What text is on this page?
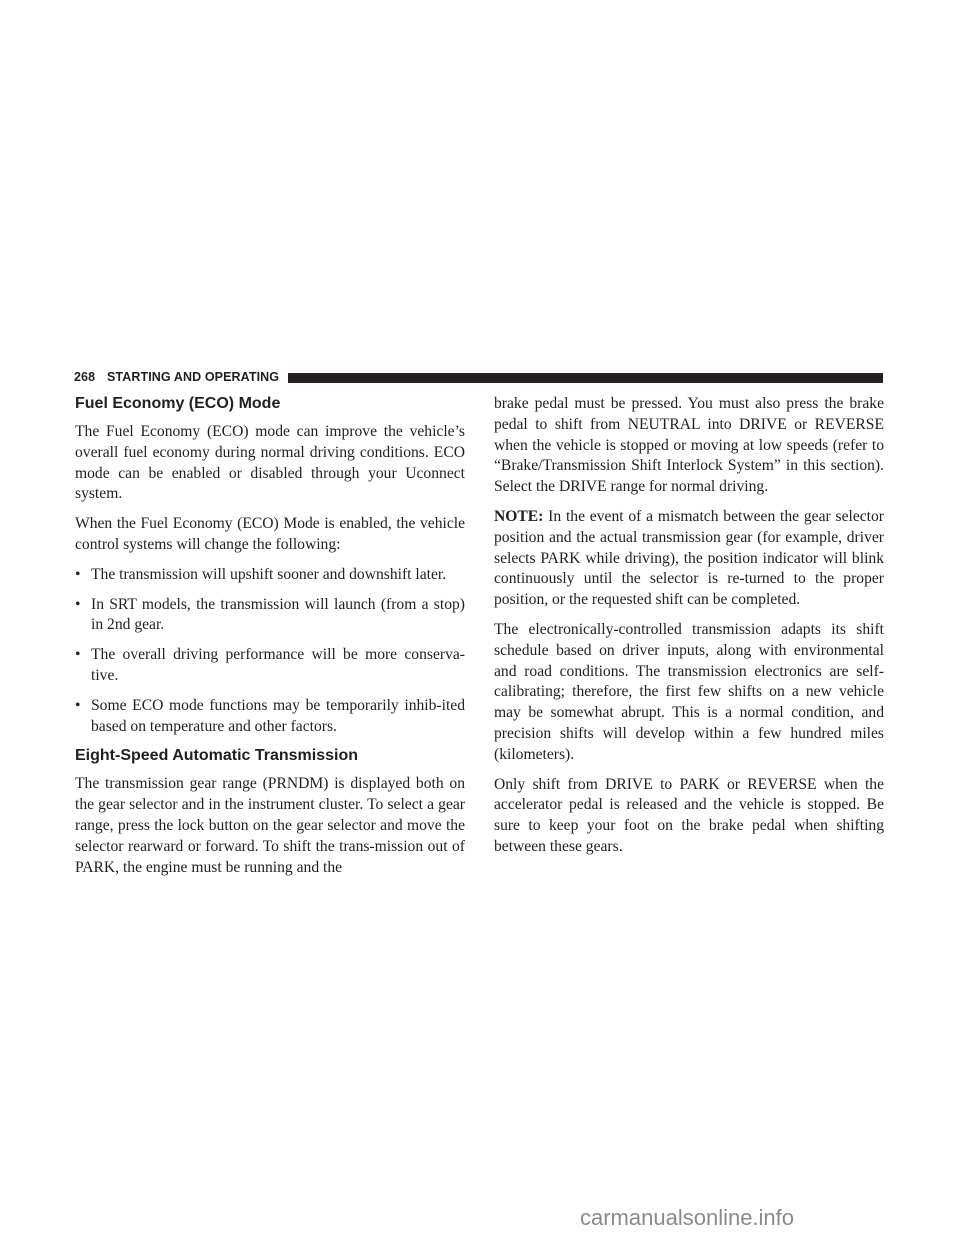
268 STARTING AND OPERATING
Fuel Economy (ECO) Mode

The Fuel Economy (ECO) mode can improve the vehicle’s overall fuel economy during normal driving conditions. ECO mode can be enabled or disabled through your Uconnect system.

When the Fuel Economy (ECO) Mode is enabled, the vehicle control systems will change the following:

• The transmission will upshift sooner and downshift later.
• In SRT models, the transmission will launch (from a stop) in 2nd gear.
• The overall driving performance will be more conserva-tive.
• Some ECO mode functions may be temporarily inhib-ited based on temperature and other factors.
Eight-Speed Automatic Transmission

The transmission gear range (PRNDM) is displayed both on the gear selector and in the instrument cluster. To select a gear range, press the lock button on the gear selector and move the selector rearward or forward. To shift the trans-mission out of PARK, the engine must be running and the

brake pedal must be pressed. You must also press the brake pedal to shift from NEUTRAL into DRIVE or REVERSE when the vehicle is stopped or moving at low speeds (refer to “Brake/Transmission Shift Interlock System” in this section). Select the DRIVE range for normal driving.

NOTE: In the event of a mismatch between the gear selector position and the actual transmission gear (for example, driver selects PARK while driving), the position indicator will blink continuously until the selector is re-turned to the proper position, or the requested shift can be completed.

The electronically-controlled transmission adapts its shift schedule based on driver inputs, along with environmental and road conditions. The transmission electronics are self-calibrating; therefore, the first few shifts on a new vehicle may be somewhat abrupt. This is a normal condition, and precision shifts will develop within a few hundred miles (kilometers).

Only shift from DRIVE to PARK or REVERSE when the accelerator pedal is released and the vehicle is stopped. Be sure to keep your foot on the brake pedal when shifting between these gears.

carmanualsonline.info
